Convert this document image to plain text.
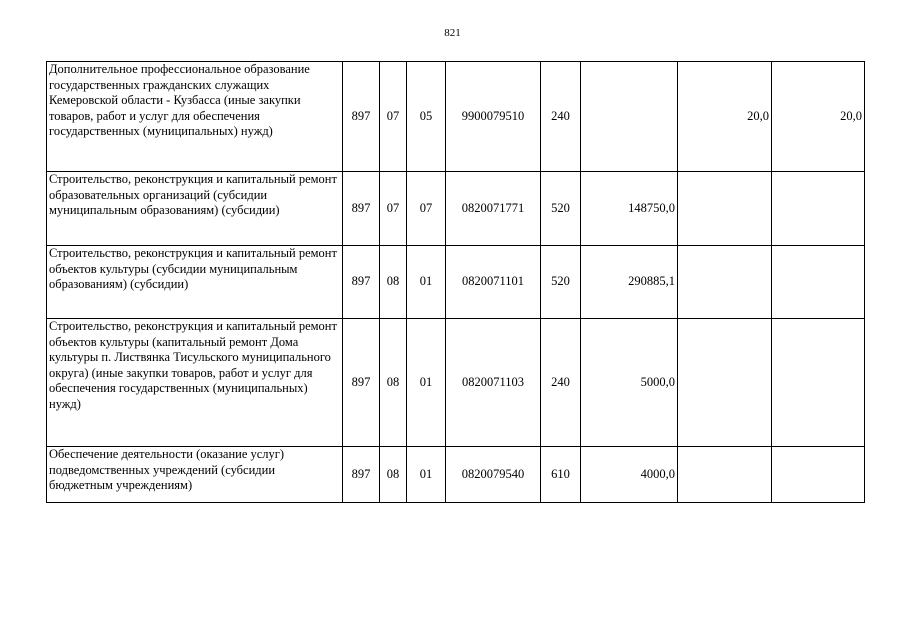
821
Дополнительное профессиональное образование государственных гражданских служащих Кемеровской области - Кузбасса (иные закупки товаров, работ и услуг для обеспечения государственных (муниципальных) нужд)	897	07	05	9900079510	240		20,0	20,0
Строительство, реконструкция и капитальный ремонт образовательных организаций (субсидии муниципальным образованиям) (субсидии)	897	07	07	0820071771	520	148750,0		
Строительство, реконструкция и капитальный ремонт объектов культуры (субсидии муниципальным образованиям) (субсидии)	897	08	01	0820071101	520	290885,1		
Строительство, реконструкция и капитальный ремонт объектов культуры (капитальный ремонт Дома культуры п. Листвянка Тисульского муниципального округа) (иные закупки товаров, работ и услуг для обеспечения государственных (муниципальных) нужд)	897	08	01	0820071103	240	5000,0		
Обеспечение деятельности (оказание услуг) подведомственных учреждений (субсидии бюджетным учреждениям)	897	08	01	0820079540	610	4000,0		
